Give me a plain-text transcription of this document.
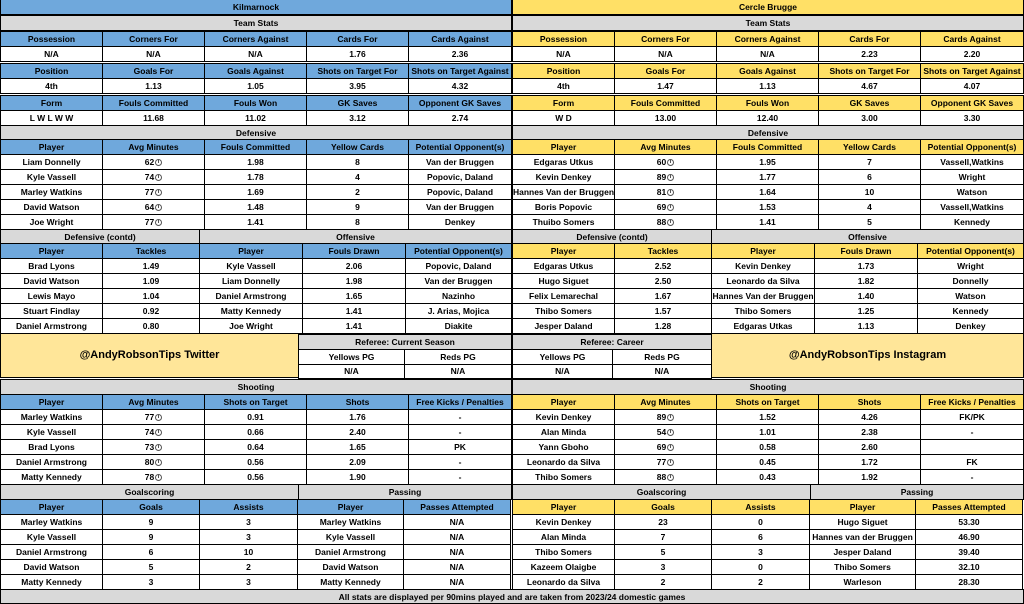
Kilmarnock
Team Stats
Possession	Corners For	Corners Against	Cards For	Cards Against
N/A	N/A	N/A	1.76	2.36
Position	Goals For	Goals Against	Shots on Target For	Shots on Target Against
4th	1.13	1.05	3.95	4.32
Form	Fouls Committed	Fouls Won	GK Saves	Opponent GK Saves
L W L W W	11.68	11.02	3.12	2.74
Defensive
Player	Avg Minutes	Fouls Committed	Yellow Cards	Potential Opponent(s)
Liam Donnelly	62	1.98	8	Van der Bruggen
Kyle Vassell	74	1.78	4	Popovic, Daland
Marley Watkins	77	1.69	2	Popovic, Daland
David Watson	64	1.48	9	Van der Bruggen
Joe Wright	77	1.41	8	Denkey
Defensive (contd)	Offensive
Player	Tackles	Player	Fouls Drawn	Potential Opponent(s)
Brad Lyons	1.49	Kyle Vassell	2.06	Popovic, Daland
David Watson	1.09	Liam Donnelly	1.98	Van der Bruggen
Lewis Mayo	1.04	Daniel Armstrong	1.65	Nazinho
Stuart Findlay	0.92	Matty Kennedy	1.41	J. Arias, Mojica
Daniel Armstrong	0.80	Joe Wright	1.41	Diakite
@AndyRobsonTips Twitter
Referee: Current Season
Yellows PG	Reds PG
N/A	N/A
Shooting
Player	Avg Minutes	Shots on Target	Shots	Free Kicks / Penalties
Marley Watkins	77	0.91	1.76	-
Kyle Vassell	74	0.66	2.40	-
Brad Lyons	73	0.64	1.65	PK
Daniel Armstrong	80	0.56	2.09	-
Matty Kennedy	78	0.56	1.90	-
Goalscoring	Passing
Player	Goals	Assists	Player	Passes Attempted
Marley Watkins	9	3	Marley Watkins	N/A
Kyle Vassell	9	3	Kyle Vassell	N/A
Daniel Armstrong	6	10	Daniel Armstrong	N/A
David Watson	5	2	David Watson	N/A
Matty Kennedy	3	3	Matty Kennedy	N/A
Cercle Brugge
Team Stats
Possession	Corners For	Corners Against	Cards For	Cards Against
N/A	N/A	N/A	2.23	2.20
Position	Goals For	Goals Against	Shots on Target For	Shots on Target Against
4th	1.47	1.13	4.67	4.07
Form	Fouls Committed	Fouls Won	GK Saves	Opponent GK Saves
W D	13.00	12.40	3.00	3.30
Defensive
Player	Avg Minutes	Fouls Committed	Yellow Cards	Potential Opponent(s)
Edgaras Utkus	60	1.95	7	Vassell,Watkins
Kevin Denkey	89	1.77	6	Wright
Hannes Van der Bruggen	81	1.64	10	Watson
Boris Popovic	69	1.53	4	Vassell,Watkins
Thuibo Somers	88	1.41	5	Kennedy
Defensive (contd)	Offensive
Player	Tackles	Player	Fouls Drawn	Potential Opponent(s)
Edgaras Utkus	2.52	Kevin Denkey	1.73	Wright
Hugo Siguet	2.50	Leonardo da Silva	1.82	Donnelly
Felix Lemarechal	1.67	Hannes Van der Bruggen	1.40	Watson
Thibo Somers	1.57	Thibo Somers	1.25	Kennedy
Jesper Daland	1.28	Edgaras Utkas	1.13	Denkey
Referee: Career
Yellows PG	Reds PG
N/A	N/A
@AndyRobsonTips Instagram
Shooting
Player	Avg Minutes	Shots on Target	Shots	Free Kicks / Penalties
Kevin Denkey	89	1.52	4.26	FK/PK
Alan Minda	54	1.01	2.38	-
Yann Gboho	69	0.58	2.60
Leonardo da Silva	77	0.45	1.72	FK
Thibo Somers	88	0.43	1.92	-
Goalscoring	Passing
Player	Goals	Assists	Player	Passes Attempted
Kevin Denkey	23	0	Hugo Siguet	53.30
Alan Minda	7	6	Hannes van der Bruggen	46.90
Thibo Somers	5	3	Jesper Daland	39.40
Kazeem Olaigbe	3	0	Thibo Somers	32.10
Leonardo da Silva	2	2	Warleson	28.30
All stats are displayed per 90mins played and are taken from 2023/24 domestic games
